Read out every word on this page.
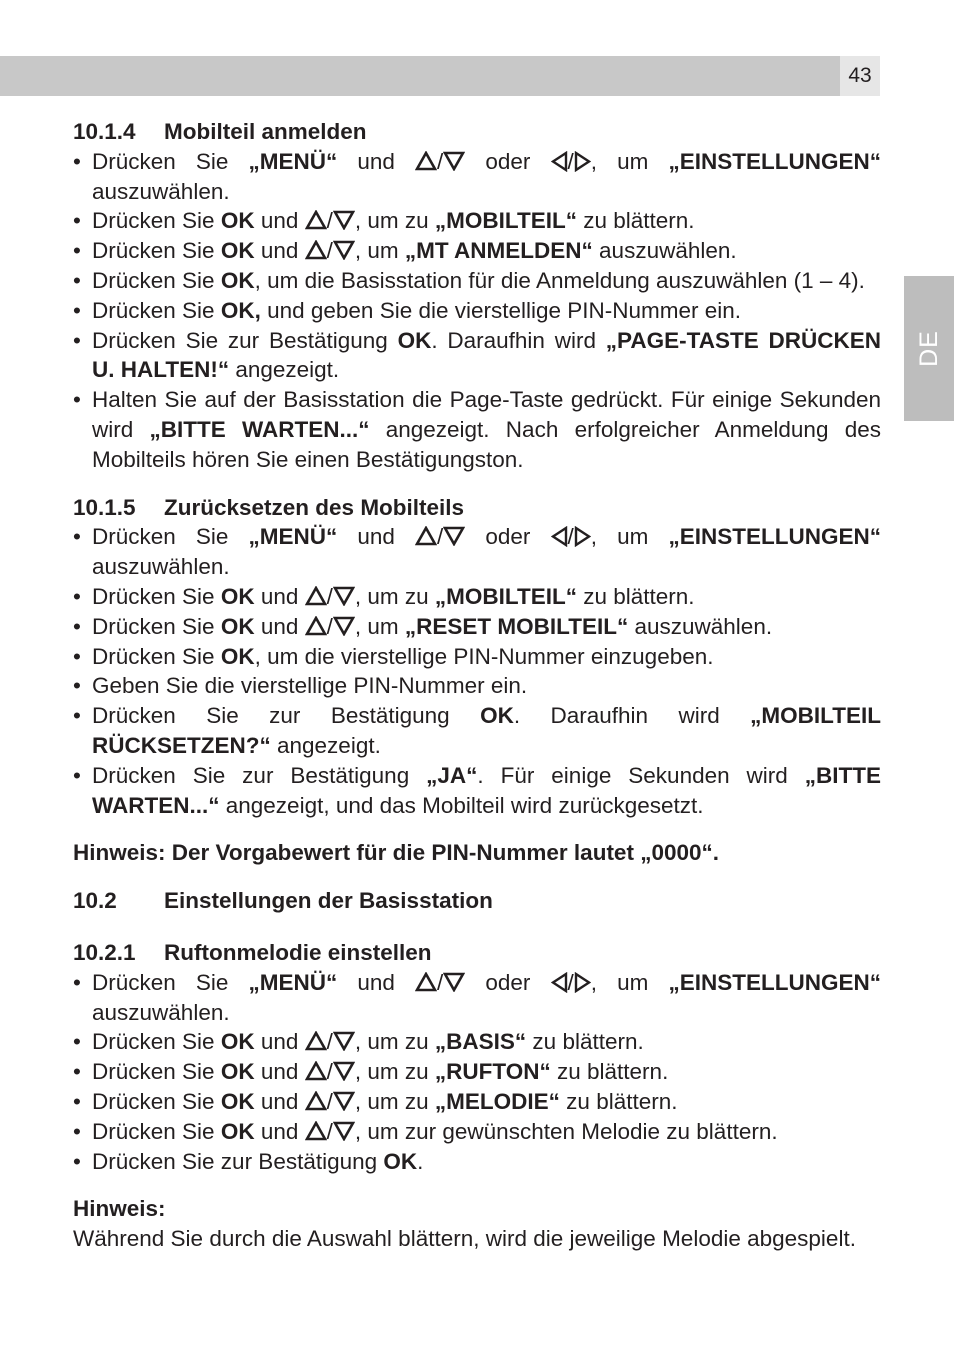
43
DE

10.1.4 Mobilteil anmelden

• Drücken Sie „MENÜ“ und / oder / , um „EINSTELLUNGEN“ auszuwählen.
• Drücken Sie OK und / , um zu „MOBILTEIL“ zu blättern.
• Drücken Sie OK und / , um „MT ANMELDEN“ auszuwählen.
• Drücken Sie OK, um die Basisstation für die Anmeldung auszuwählen (1 – 4).
• Drücken Sie OK, und geben Sie die vierstellige PIN-Nummer ein.
• Drücken Sie zur Bestätigung OK. Daraufhin wird „PAGE-TASTE DRÜCKEN U. HALTEN!“ angezeigt.
• Halten Sie auf der Basisstation die Page-Taste gedrückt. Für einige Sekunden wird „BITTE WARTEN...“ angezeigt. Nach erfolgreicher Anmeldung des Mobilteils hören Sie einen Bestätigungston.

10.1.5 Zurücksetzen des Mobilteils

• Drücken Sie „MENÜ“ und / oder / , um „EINSTELLUNGEN“ auszuwählen.
• Drücken Sie OK und / , um zu „MOBILTEIL“ zu blättern.
• Drücken Sie OK und / , um „RESET MOBILTEIL“ auszuwählen.
• Drücken Sie OK, um die vierstellige PIN-Nummer einzugeben.
• Geben Sie die vierstellige PIN-Nummer ein.
• Drücken Sie zur Bestätigung OK. Daraufhin wird „MOBILTEIL RÜCKSETZEN?“ angezeigt.
• Drücken Sie zur Bestätigung „JA“. Für einige Sekunden wird „BITTE WARTEN...“ angezeigt, und das Mobilteil wird zurückgesetzt.

Hinweis: Der Vorgabewert für die PIN-Nummer lautet „0000“.

10.2 Einstellungen der Basisstation

10.2.1 Ruftonmelodie einstellen

• Drücken Sie „MENÜ“ und / oder / , um „EINSTELLUNGEN“ auszuwählen.
• Drücken Sie OK und / , um zu „BASIS“ zu blättern.
• Drücken Sie OK und / , um zu „RUFTON“ zu blättern.
• Drücken Sie OK und / , um zu „MELODIE“ zu blättern.
• Drücken Sie OK und / , um zur gewünschten Melodie zu blättern.
• Drücken Sie zur Bestätigung OK.

Hinweis:

Während Sie durch die Auswahl blättern, wird die jeweilige Melodie abgespielt.
